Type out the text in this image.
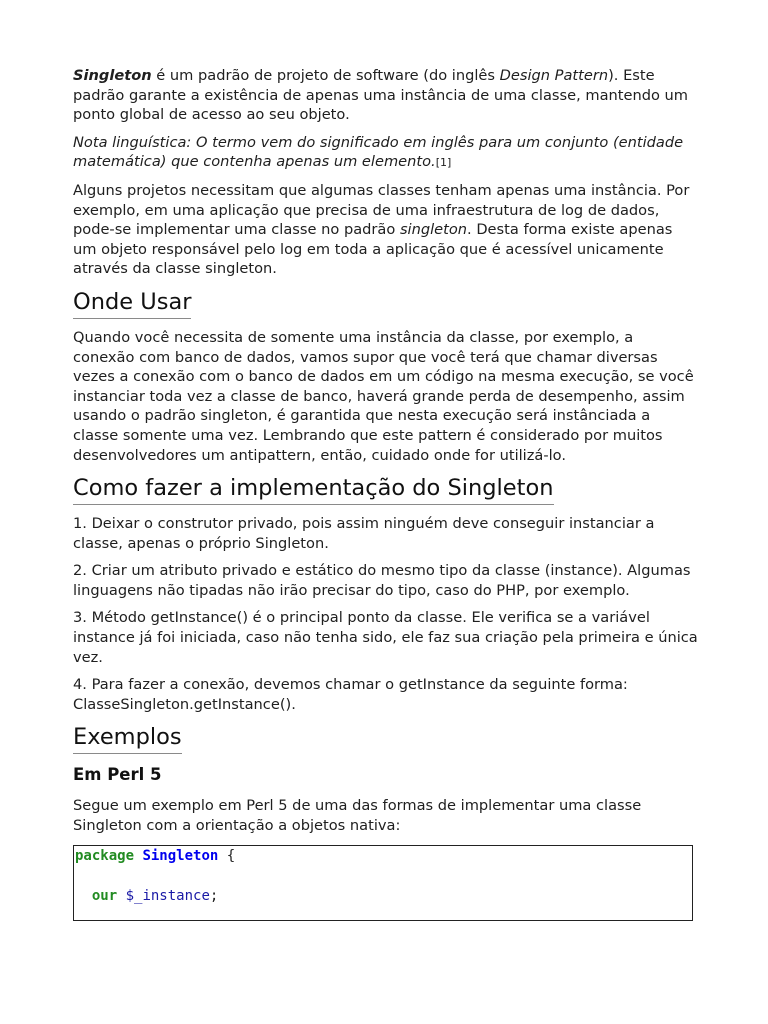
Singleton é um padrão de projeto de software (do inglês Design Pattern). Este padrão garante a existência de apenas uma instância de uma classe, mantendo um ponto global de acesso ao seu objeto.

Nota linguística: O termo vem do significado em inglês para um conjunto (entidade matemática) que contenha apenas um elemento.[1]

Alguns projetos necessitam que algumas classes tenham apenas uma instância. Por exemplo, em uma aplicação que precisa de uma infraestrutura de log de dados, pode-se implementar uma classe no padrão singleton. Desta forma existe apenas um objeto responsável pelo log em toda a aplicação que é acessível unicamente através da classe singleton.

Onde Usar

Quando você necessita de somente uma instância da classe, por exemplo, a conexão com banco de dados, vamos supor que você terá que chamar diversas vezes a conexão com o banco de dados em um código na mesma execução, se você instanciar toda vez a classe de banco, haverá grande perda de desempenho, assim usando o padrão singleton, é garantida que nesta execução será instânciada a classe somente uma vez. Lembrando que este pattern é considerado por muitos desenvolvedores um antipattern, então, cuidado onde for utilizá-lo.

Como fazer a implementação do Singleton

1. Deixar o construtor privado, pois assim ninguém deve conseguir instanciar a classe, apenas o próprio Singleton.

2. Criar um atributo privado e estático do mesmo tipo da classe (instance). Algumas linguagens não tipadas não irão precisar do tipo, caso do PHP, por exemplo.

3. Método getInstance() é o principal ponto da classe. Ele verifica se a variável instance já foi iniciada, caso não tenha sido, ele faz sua criação pela primeira e única vez.

4. Para fazer a conexão, devemos chamar o getInstance da seguinte forma: ClasseSingleton.getInstance().

Exemplos
Em Perl 5

Segue um exemplo em Perl 5 de uma das formas de implementar uma classe Singleton com a orientação a objetos nativa:

package Singleton {
our $_instance;
